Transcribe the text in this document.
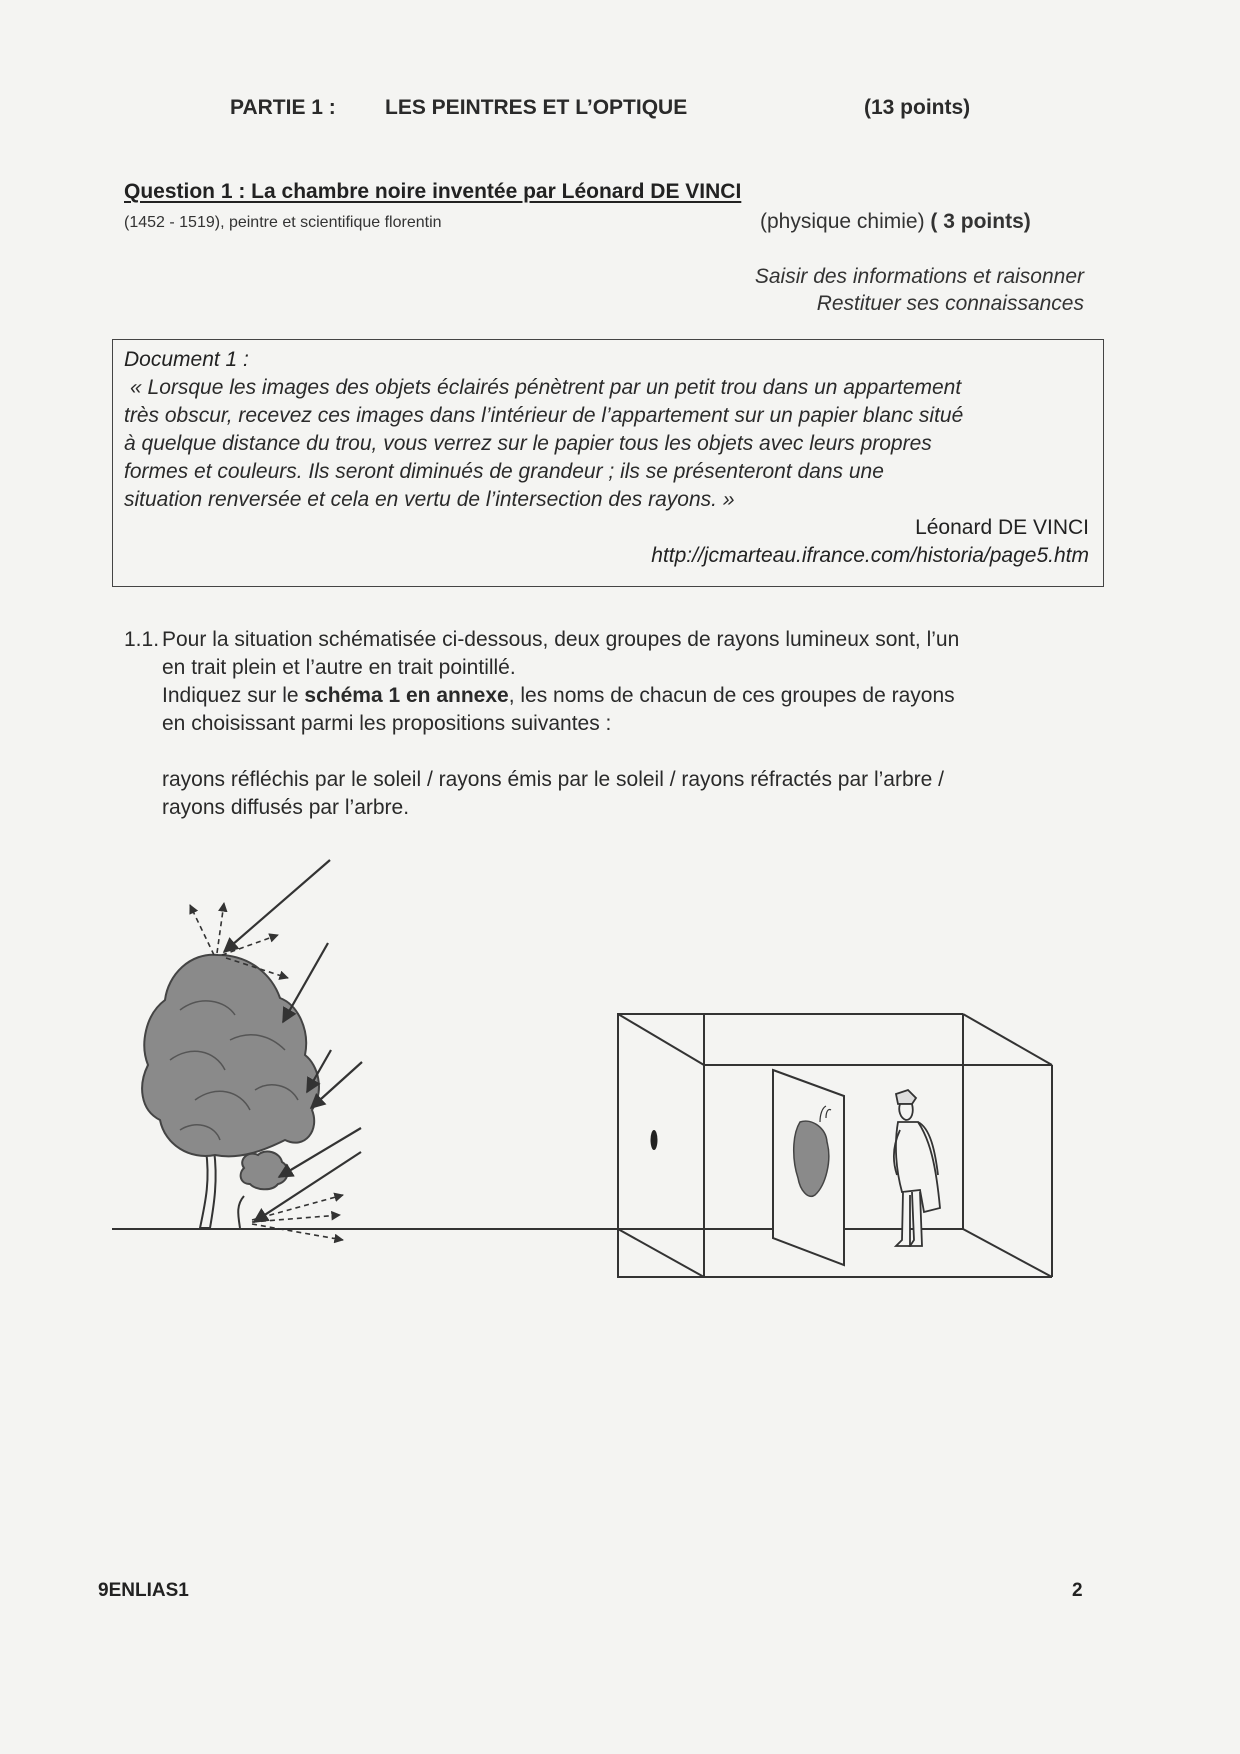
PARTIE 1 : LES PEINTRES ET L’OPTIQUE	(13 points)
Question 1 : La chambre noire inventée par Léonard DE VINCI
(1452 - 1519), peintre et scientifique florentin	(physique chimie) ( 3 points)
Saisir des informations et raisonner
Restituer ses connaissances
Document 1 :
« Lorsque les images des objets éclairés pénètrent par un petit trou dans un appartement
très obscur, recevez ces images dans l’intérieur de l’appartement sur un papier blanc situé
à quelque distance du trou, vous verrez sur le papier tous les objets avec leurs propres
formes et couleurs. Ils seront diminués de grandeur ; ils se présenteront dans une
situation renversée et cela en vertu de l’intersection des rayons. »
Léonard DE VINCI
http://jcmarteau.ifrance.com/historia/page5.htm
1.1. Pour la situation schématisée ci-dessous, deux groupes de rayons lumineux sont, l’un
en trait plein et l’autre en trait pointillé.
Indiquez sur le schéma 1 en annexe, les noms de chacun de ces groupes de rayons
en choisissant parmi les propositions suivantes :
rayons réfléchis par le soleil / rayons émis par le soleil / rayons réfractés par l’arbre /
rayons diffusés par l’arbre.
9ENLIAS1	2
